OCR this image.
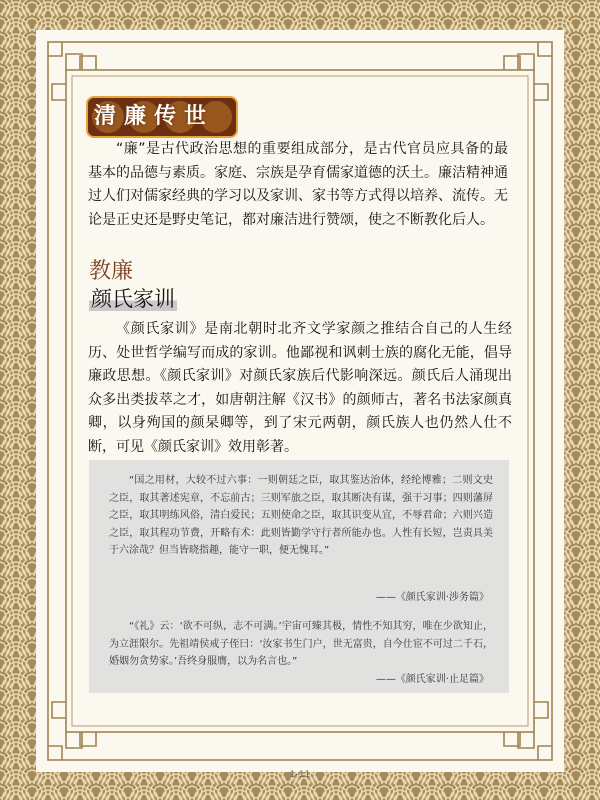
清廉传世
“廉”是古代政治思想的重要组成部分，是古代官员应具备的最基本的品德与素质。家庭、宗族是孕育儒家道德的沃土。廉洁精神通过人们对儒家经典的学习以及家训、家书等方式得以培养、流传。无论是正史还是野史笔记，都对廉洁进行赞颂，使之不断教化后人。
教廉
颜氏家训
《颜氏家训》是南北朝时北齐文学家颜之推结合自己的人生经历、处世哲学编写而成的家训。他鄙视和讽刺士族的腐化无能，倡导廉政思想。《颜氏家训》对颜氏家族后代影响深远。颜氏后人涌现出众多出类拔萃之才，如唐朝注解《汉书》的颜师古，著名书法家颜真卿，以身殉国的颜杲卿等，到了宋元两朝，颜氏族人也仍然人仕不断，可见《颜氏家训》效用彰著。
“国之用材，大较不过六事：一则朝廷之臣，取其鉴达治体，经纶博雅；二则文史之臣，取其著述宪章，不忘前古；三则军旅之臣，取其断决有谋，强干习事；四则藩屏之臣，取其明练风俗，清白爱民；五则使命之臣，取其识变从宜，不辱君命；六则兴造之臣，取其程功节费，开略有术：此则皆勤学守行者所能办也。人性有长短，岂责具美于六涂哉？但当皆晓指趣，能守一职，便无愧耳。”
——《颜氏家训·涉务篇》
“《礼》云：‘欲不可纵，志不可满。’宇宙可臻其极，情性不知其穷，唯在少欲知止，为立涯限尔。先祖靖侯戒子侄曰：‘汝家书生门户，世无富贵，自今仕宦不可过二千石，婚姻勿贪势家。’吾终身服膺，以为名言也。”
——《颜氏家训·止足篇》
1-11
